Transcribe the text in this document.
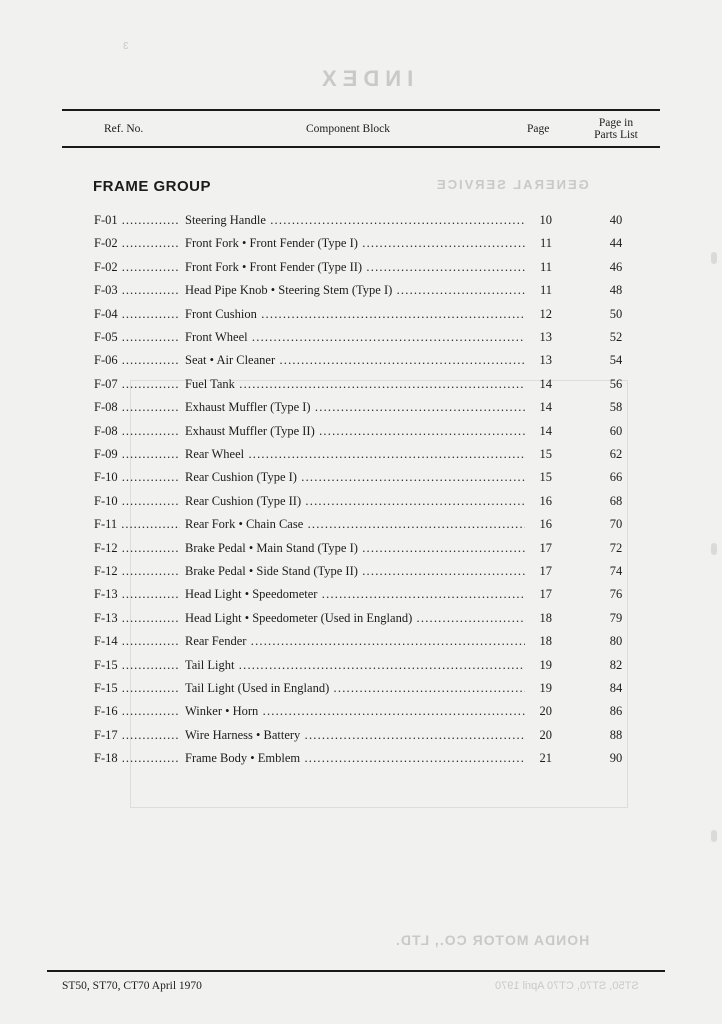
INDEX
GENERAL SERVICE
HONDA MOTOR CO., LTD.
ST50, ST70, CT70 April 1970
3
Ref. No.	Component Block	Page	Page in
Parts List
FRAME GROUP
F-01 .....	Steering Handle .....	10	40
F-02 .....	Front Fork • Front Fender (Type I) .....	11	44
F-02 .....	Front Fork • Front Fender (Type II) .....	11	46
F-03 .....	Head Pipe Knob • Steering Stem (Type I) .....	11	48
F-04 .....	Front Cushion .....	12	50
F-05 .....	Front Wheel .....	13	52
F-06 .....	Seat • Air Cleaner .....	13	54
F-07 .....	Fuel Tank .....	14	56
F-08 .....	Exhaust Muffler (Type I) .....	14	58
F-08 .....	Exhaust Muffler (Type II) .....	14	60
F-09 .....	Rear Wheel .....	15	62
F-10 .....	Rear Cushion (Type I) .....	15	66
F-10 .....	Rear Cushion (Type II) .....	16	68
F-11 .....	Rear Fork • Chain Case .....	16	70
F-12 .....	Brake Pedal • Main Stand (Type I) .....	17	72
F-12 .....	Brake Pedal • Side Stand (Type II) .....	17	74
F-13 .....	Head Light • Speedometer .....	17	76
F-13 .....	Head Light • Speedometer (Used in England) .....	18	79
F-14 .....	Rear Fender .....	18	80
F-15 .....	Tail Light .....	19	82
F-15 .....	Tail Light (Used in England) .....	19	84
F-16 .....	Winker • Horn .....	20	86
F-17 .....	Wire Harness • Battery .....	20	88
F-18 .....	Frame Body • Emblem .....	21	90
ST50, ST70, CT70 April 1970
